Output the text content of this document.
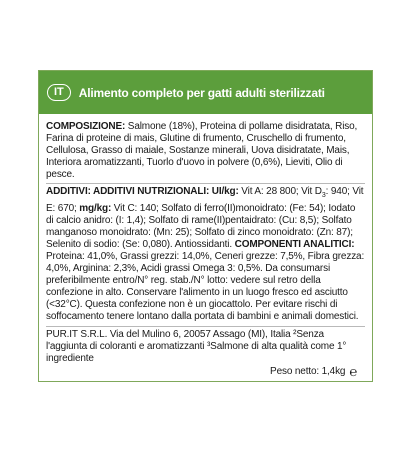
IT	Alimento completo per gatti adulti sterilizzati
COMPOSIZIONE: Salmone (18%), Proteina di pollame disidratata, Riso, Farina di proteine di mais, Glutine di frumento, Cruschello di frumento, Cellulosa, Grasso di maiale, Sostanze minerali, Uova disidratate, Mais, Interiora aromatizzanti, Tuorlo d'uovo in polvere (0,6%), Lieviti, Olio di pesce.
ADDITIVI: ADDITIVI NUTRIZIONALI: UI/kg: Vit A: 28 800; Vit $D_3$: 940; Vit E: 670; mg/kg: Vit C: 140; Solfato di ferro(II)monoidrato: (Fe: 54); Iodato di calcio anidro: (I: 1,4); Solfato di rame(II)pentaidrato: (Cu: 8,5); Solfato manganoso monoidrato: (Mn: 25); Solfato di zinco monoidrato: (Zn: 87); Selenito di sodio: (Se: 0,080). Antiossidanti. COMPONENTI ANALITICI: Proteina: 41,0%, Grassi grezzi: 14,0%, Ceneri grezze: 7,5%, Fibra grezza: 4,0%, Arginina: 2,3%, Acidi grassi Omega 3: 0,5%. Da consumarsi preferibilmente entro/N° reg. stab./N° lotto: vedere sul retro della confezione in alto. Conservare l'alimento in un luogo fresco ed asciutto (<32°C). Questa confezione non è un giocattolo. Per evitare rischi di soffocamento tenere lontano dalla portata di bambini e animali domestici.
PUR.IT S.R.L. Via del Mulino 6, 20057 Assago (MI), Italia ²Senza l'aggiunta di coloranti e aromatizzanti ³Salmone di alta qualità come 1° ingrediente
Peso netto: 1,4kg ℮
